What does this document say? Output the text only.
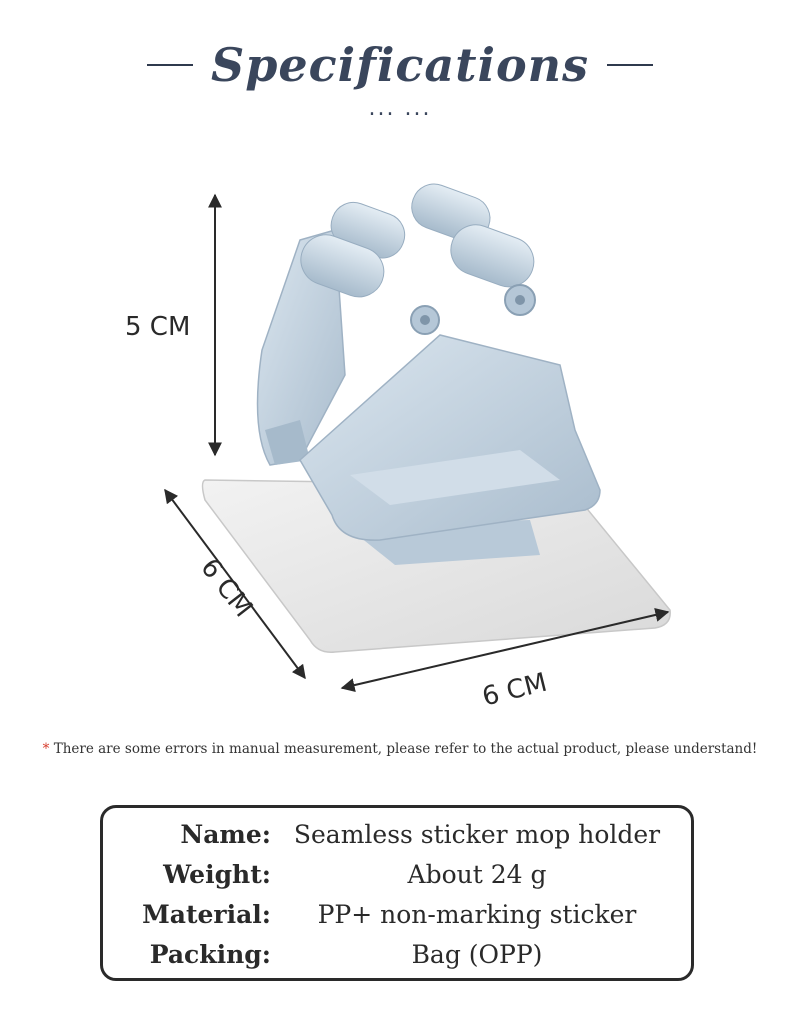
Specifications
... ...
5 CM
6 CM
6 CM
* There are some errors in manual measurement, please refer to the actual product, please understand!
Name: Seamless sticker mop holder
Weight:	About 24 g
Material:	PP+ non-marking sticker
Packing:	Bag (OPP)
